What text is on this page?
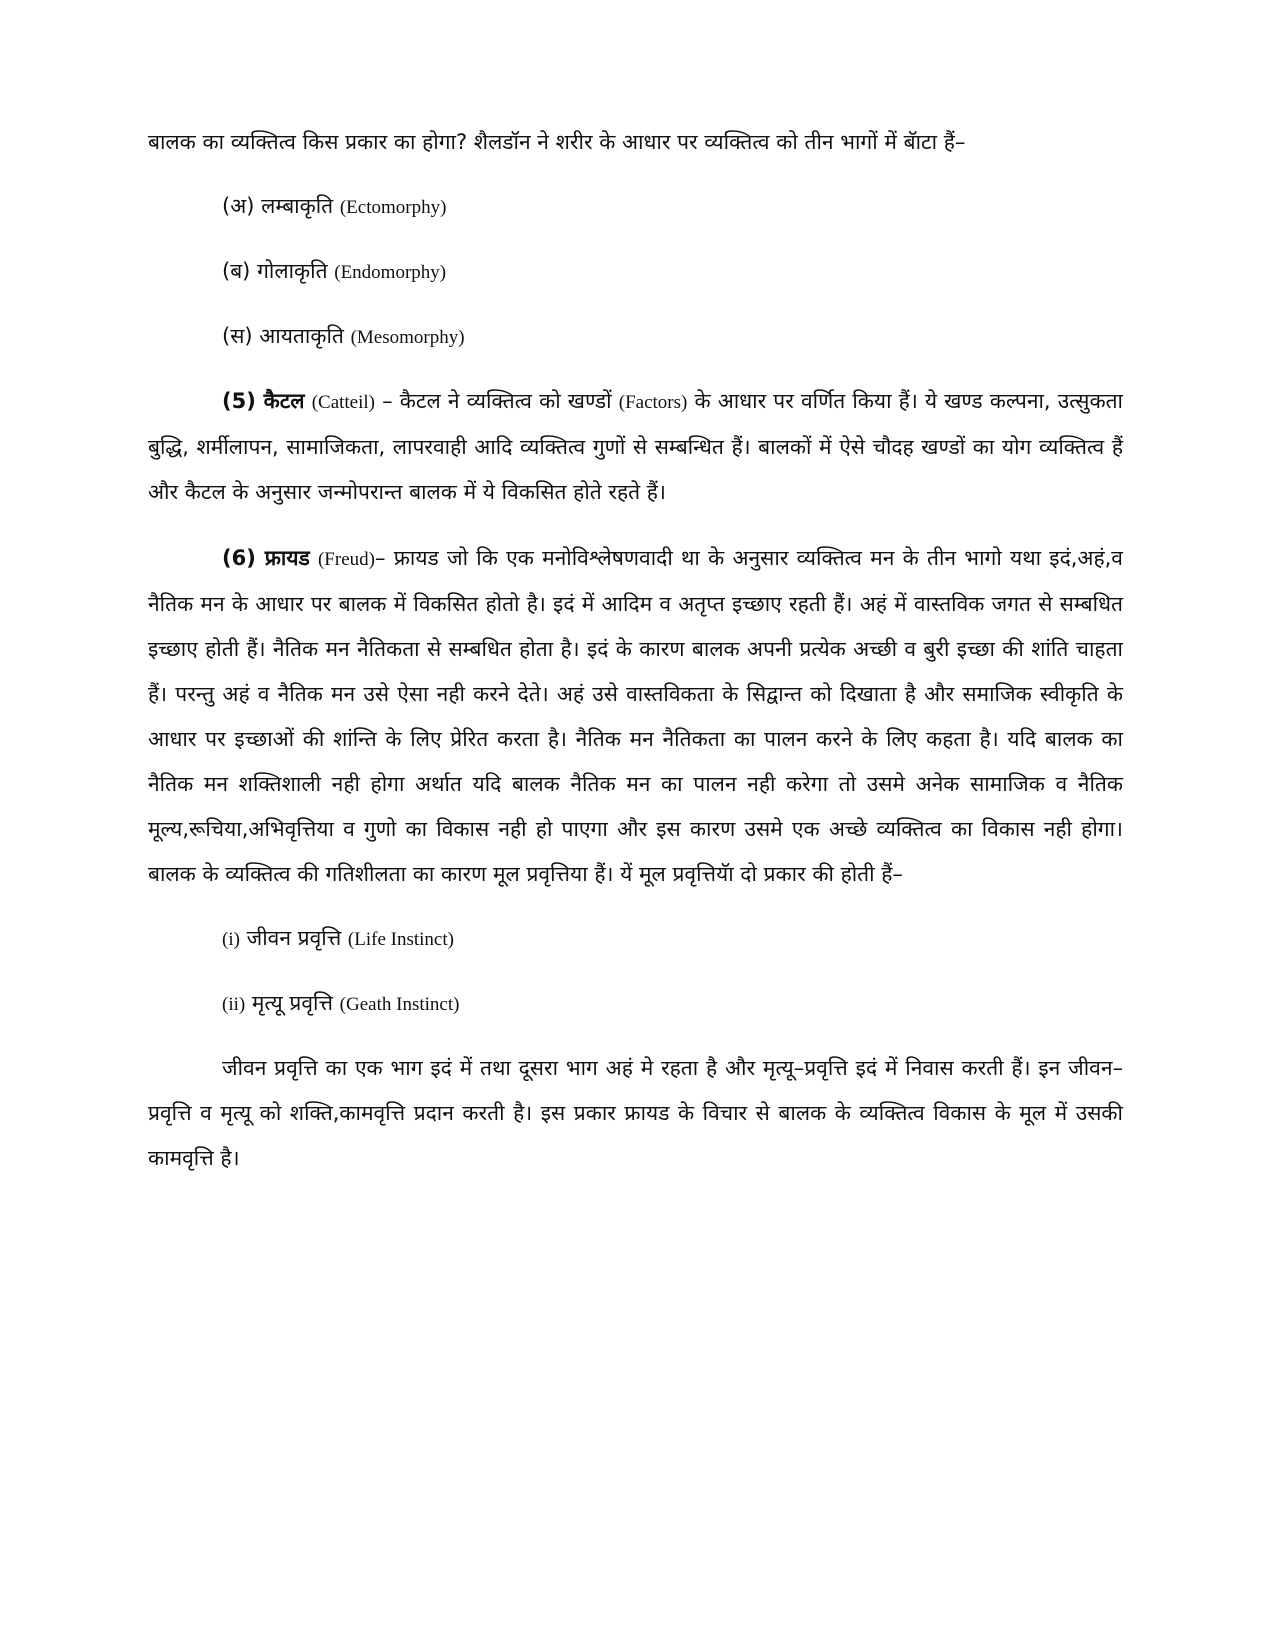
बालक का व्यक्तित्व किस प्रकार का होगा? शैलडॉन ने शरीर के आधार पर व्यक्तित्व को तीन भागों में बॅाटा हैं–

(अ) लम्बाकृति (Ectomorphy)

(ब) गोलाकृति (Endomorphy)

(स) आयताकृति (Mesomorphy)

(5) कैटल (Catteil) – कैटल ने व्यक्तित्व को खण्डों (Factors) के आधार पर वर्णित किया हैं। ये खण्ड कल्पना, उत्सुकता बुद्धि, शर्मीलापन, सामाजिकता, लापरवाही आदि व्यक्तित्व गुणों से सम्बन्धित हैं। बालकों में ऐसे चौदह खण्डों का योग व्यक्तित्व हैं और कैटल के अनुसार जन्मोपरान्त बालक में ये विकसित होते रहते हैं।

(6) फ्रायड (Freud)– फ्रायड जो कि एक मनोविश्लेषणवादी था के अनुसार व्यक्तित्व मन के तीन भागो यथा इदं,अहं,व नैतिक मन के आधार पर बालक में विकसित होतो है। इदं में आदिम व अतृप्त इच्छाए रहती हैं। अहं में वास्तविक जगत से सम्बधित इच्छाए होती हैं। नैतिक मन नैतिकता से सम्बधित होता है। इदं के कारण बालक अपनी प्रत्येक अच्छी व बुरी इच्छा की शांति चाहता हैं। परन्तु अहं व नैतिक मन उसे ऐसा नही करने देते। अहं उसे वास्तविकता के सिद्वान्त को दिखाता है और समाजिक स्वीकृति के आधार पर इच्छाओं की शांन्ति के लिए प्रेरित करता है। नैतिक मन नैतिकता का पालन करने के लिए कहता है। यदि बालक का नैतिक मन शक्तिशाली नही होगा अर्थात यदि बालक नैतिक मन का पालन नही करेगा तो उसमे अनेक सामाजिक व नैतिक मूल्य,रूचिया,अभिवृत्तिया व गुणो का विकास नही हो पाएगा और इस कारण उसमे एक अच्छे व्यक्तित्व का विकास नही होगा। बालक के व्यक्तित्व की गतिशीलता का कारण मूल प्रवृत्तिया हैं। यें मूल प्रवृत्तियॅा दो प्रकार की होती हैं–

(i) जीवन प्रवृत्ति (Life Instinct)

(ii) मृत्यू प्रवृत्ति (Geath Instinct)

जीवन प्रवृत्ति का एक भाग इदं में तथा दूसरा भाग अहं मे रहता है और मृत्यू–प्रवृत्ति इदं में निवास करती हैं। इन जीवन–प्रवृत्ति व मृत्यू को शक्ति,कामवृत्ति प्रदान करती है। इस प्रकार फ्रायड के विचार से बालक के व्यक्तित्व विकास के मूल में उसकी कामवृत्ति है।
